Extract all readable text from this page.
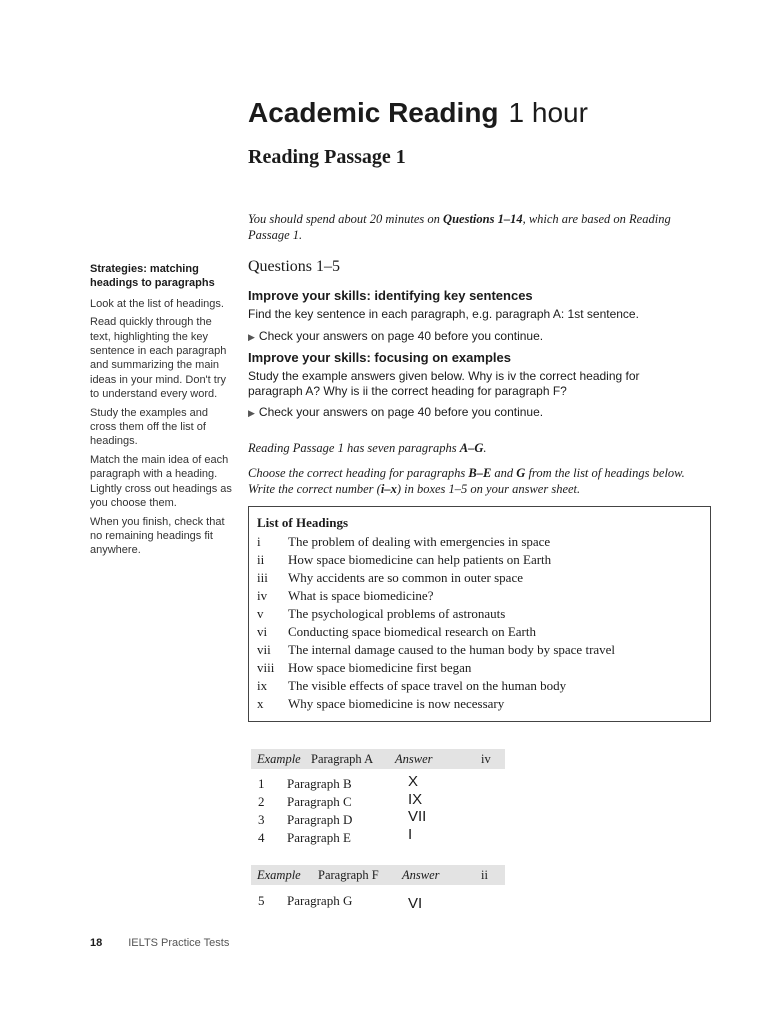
Academic Reading 1 hour
Reading Passage 1
You should spend about 20 minutes on Questions 1–14, which are based on Reading Passage 1.
Strategies: matching headings to paragraphs
Look at the list of headings.
Read quickly through the text, highlighting the key sentence in each paragraph and summarizing the main ideas in your mind. Don't try to understand every word.
Study the examples and cross them off the list of headings.
Match the main idea of each paragraph with a heading. Lightly cross out headings as you choose them.
When you finish, check that no remaining headings fit anywhere.
Questions 1–5
Improve your skills: identifying key sentences
Find the key sentence in each paragraph, e.g. paragraph A: 1st sentence.
▶ Check your answers on page 40 before you continue.
Improve your skills: focusing on examples
Study the example answers given below. Why is iv the correct heading for paragraph A? Why is ii the correct heading for paragraph F?
▶ Check your answers on page 40 before you continue.
Reading Passage 1 has seven paragraphs A–G.
Choose the correct heading for paragraphs B–E and G from the list of headings below. Write the correct number (i–x) in boxes 1–5 on your answer sheet.
List of Headings
i The problem of dealing with emergencies in space
ii How space biomedicine can help patients on Earth
iii Why accidents are so common in outer space
iv What is space biomedicine?
v The psychological problems of astronauts
vi Conducting space biomedical research on Earth
vii The internal damage caused to the human body by space travel
viii How space biomedicine first began
ix The visible effects of space travel on the human body
x Why space biomedicine is now necessary
Example Paragraph A Answer	iv
1 Paragraph B	X
2 Paragraph C	IX
3 Paragraph D	VII
4 Paragraph E	I
Example Paragraph F Answer	ii
5 Paragraph G	VI
18 IELTS Practice Tests
